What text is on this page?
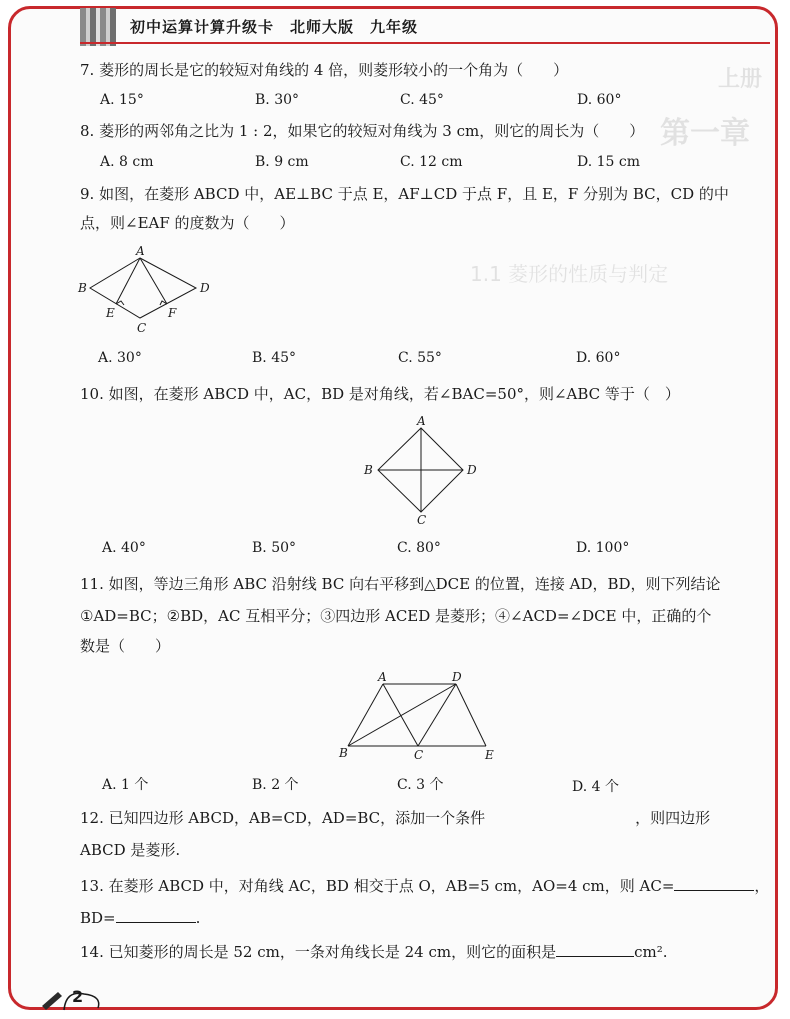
初中运算计算升级卡　北师大版　九年级
上册
第一章
1.1 菱形的性质与判定
7. 菱形的周长是它的较短对角线的 4 倍，则菱形较小的一个角为（　　）
A. 15°	B. 30°	C. 45°	D. 60°
8. 菱形的两邻角之比为 1 : 2，如果它的较短对角线为 3 cm，则它的周长为（　　）
A. 8 cm	B. 9 cm	C. 12 cm	D. 15 cm
9. 如图，在菱形 ABCD 中，AE⊥BC 于点 E，AF⊥CD 于点 F，且 E，F 分别为 BC，CD 的中
点，则∠EAF 的度数为（　　）
A
B
C
D
E	F
A. 30°	B. 45°	C. 55°	D. 60°
10. 如图，在菱形 ABCD 中，AC，BD 是对角线，若∠BAC=50°，则∠ABC 等于（　）
A
B
C
D
A. 40°	B. 50°	C. 80°	D. 100°
11. 如图，等边三角形 ABC 沿射线 BC 向右平移到△DCE 的位置，连接 AD，BD，则下列结论
①AD=BC；②BD，AC 互相平分；③四边形 ACED 是菱形；④∠ACD=∠DCE 中，正确的个
数是（　　）
A
B	C
D
E
A. 1 个	B. 2 个	C. 3 个	D. 4 个
12. 已知四边形 ABCD，AB=CD，AD=BC，添加一个条件	，则四边形
ABCD 是菱形.
13. 在菱形 ABCD 中，对角线 AC，BD 相交于点 O，AB=5 cm，AO=4 cm，则 AC=	，
BD=	.
14. 已知菱形的周长是 52 cm，一条对角线长是 24 cm，则它的面积是	cm².
2
